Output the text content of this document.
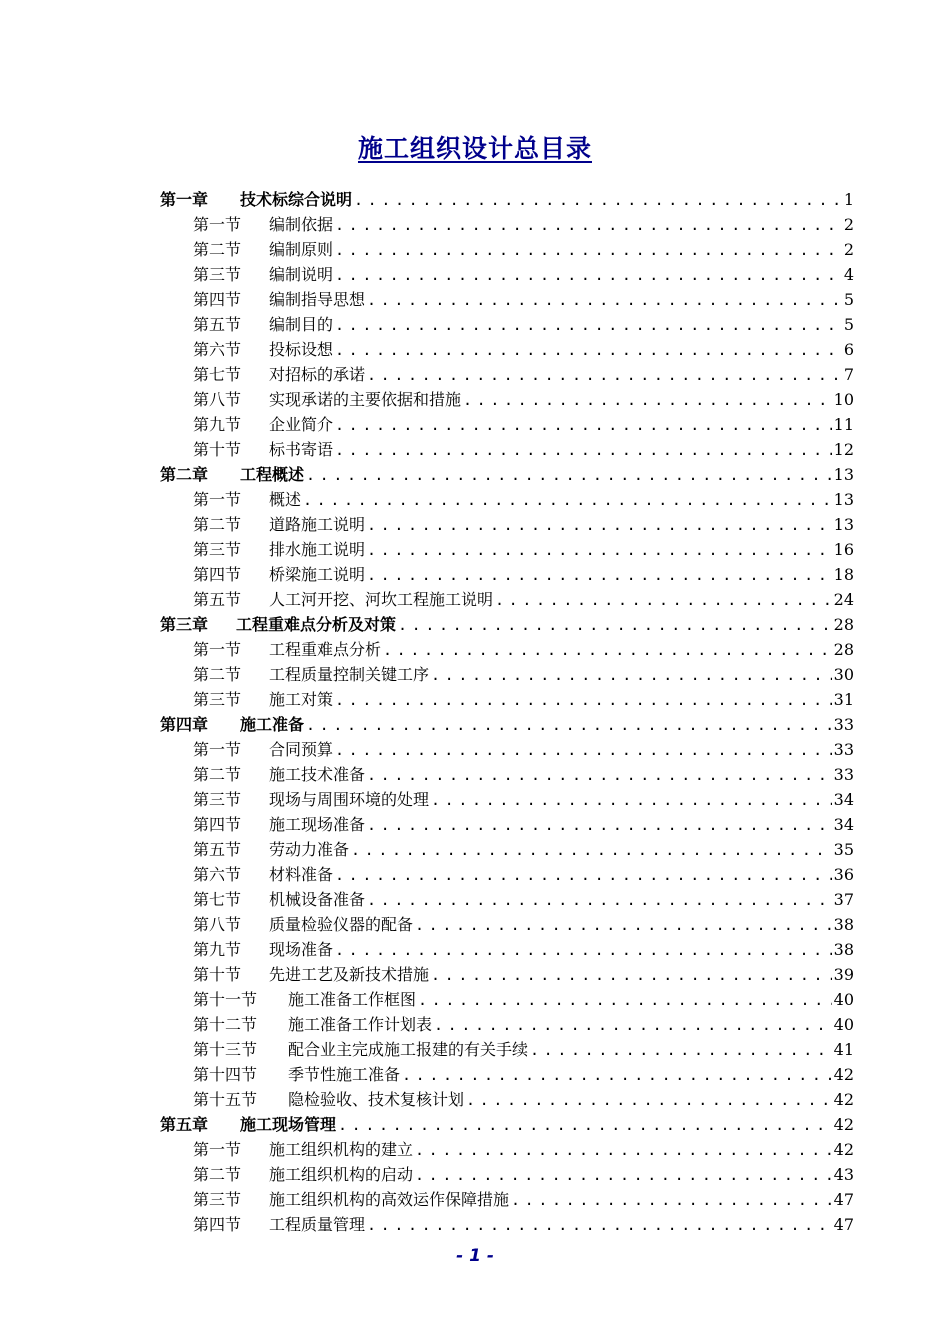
施工组织设计总目录
第一章 技术标综合说明 . . .	1
第一节 编制依据 . . .	2
第二节 编制原则 . . .	2
第三节 编制说明 . . .	4
第四节 编制指导思想 . . .	5
第五节 编制目的 . . .	5
第六节 投标设想 . . .	6
第七节 对招标的承诺 . . .	7
第八节 实现承诺的主要依据和措施 . . .	10
第九节 企业简介 . . .	11
第十节 标书寄语 . . .	12
第二章 工程概述 . . .	13
第一节 概述 . . .	13
第二节 道路施工说明 . . .	13
第三节 排水施工说明 . . .	16
第四节 桥梁施工说明 . . .	18
第五节 人工河开挖、河坎工程施工说明 . . .	24
第三章 工程重难点分析及对策 . . .	28
第一节 工程重难点分析 . . .	28
第二节 工程质量控制关键工序 . . .	30
第三节 施工对策 . . .	31
第四章 施工准备 . . .	33
第一节 合同预算 . . .	33
第二节 施工技术准备 . . .	33
第三节 现场与周围环境的处理 . . .	34
第四节 施工现场准备 . . .	34
第五节 劳动力准备 . . .	35
第六节 材料准备 . . .	36
第七节 机械设备准备 . . .	37
第八节 质量检验仪器的配备 . . .	38
第九节 现场准备 . . .	38
第十节 先进工艺及新技术措施 . . .	39
第十一节 施工准备工作框图 . . .	40
第十二节 施工准备工作计划表 . . .	40
第十三节 配合业主完成施工报建的有关手续 . . .	41
第十四节 季节性施工准备 . . .	42
第十五节 隐检验收、技术复核计划 . . .	42
第五章 施工现场管理 . . .	42
第一节 施工组织机构的建立 . . .	42
第二节 施工组织机构的启动 . . .	43
第三节 施工组织机构的高效运作保障措施 . . .	47
第四节 工程质量管理 . . .	47
- 1 -
